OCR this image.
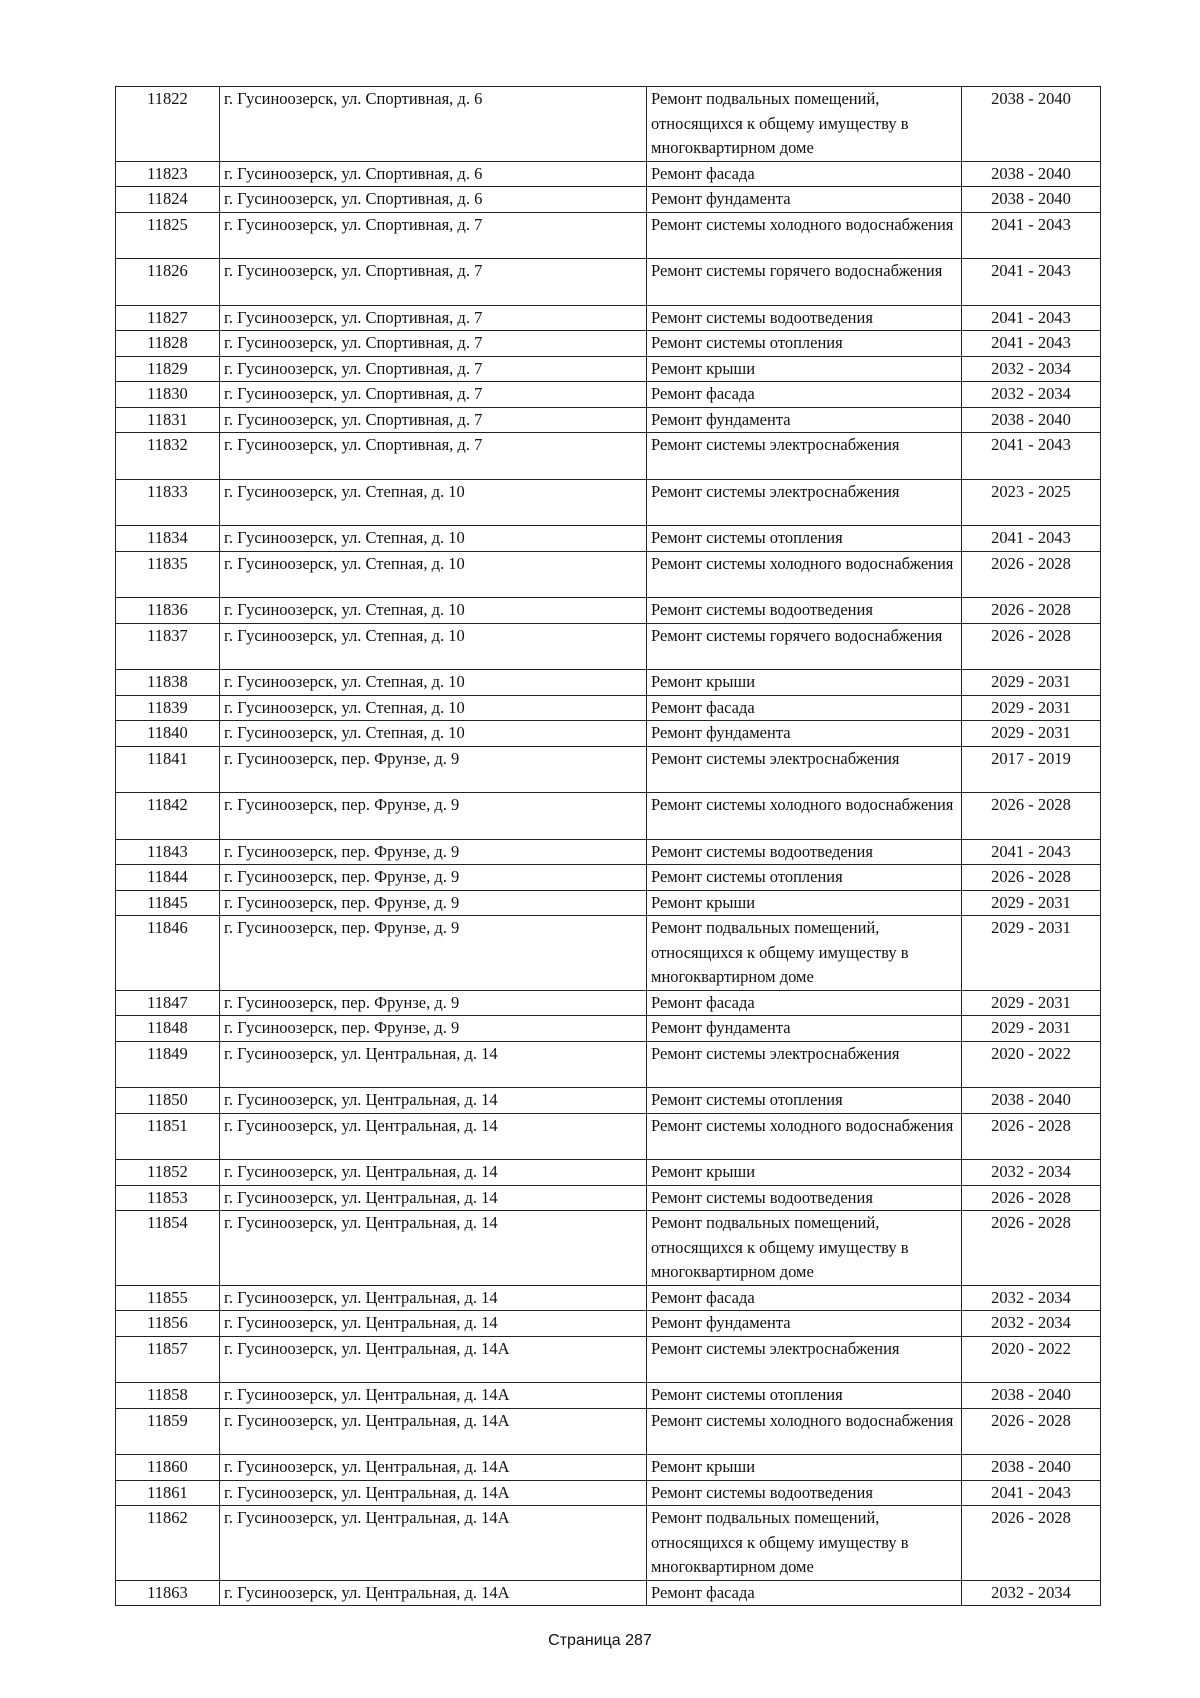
11822	г. Гусиноозерск, ул. Спортивная, д. 6	Ремонт подвальных помещений, относящихся к общему имуществу в многоквартирном доме	2038 - 2040
11823	г. Гусиноозерск, ул. Спортивная, д. 6	Ремонт фасада	2038 - 2040
11824	г. Гусиноозерск, ул. Спортивная, д. 6	Ремонт фундамента	2038 - 2040
11825	г. Гусиноозерск, ул. Спортивная, д. 7	Ремонт системы холодного водоснабжения	2041 - 2043
11826	г. Гусиноозерск, ул. Спортивная, д. 7	Ремонт системы горячего водоснабжения	2041 - 2043
11827	г. Гусиноозерск, ул. Спортивная, д. 7	Ремонт системы водоотведения	2041 - 2043
11828	г. Гусиноозерск, ул. Спортивная, д. 7	Ремонт системы отопления	2041 - 2043
11829	г. Гусиноозерск, ул. Спортивная, д. 7	Ремонт крыши	2032 - 2034
11830	г. Гусиноозерск, ул. Спортивная, д. 7	Ремонт фасада	2032 - 2034
11831	г. Гусиноозерск, ул. Спортивная, д. 7	Ремонт фундамента	2038 - 2040
11832	г. Гусиноозерск, ул. Спортивная, д. 7	Ремонт системы электроснабжения	2041 - 2043
11833	г. Гусиноозерск, ул. Степная, д. 10	Ремонт системы электроснабжения	2023 - 2025
11834	г. Гусиноозерск, ул. Степная, д. 10	Ремонт системы отопления	2041 - 2043
11835	г. Гусиноозерск, ул. Степная, д. 10	Ремонт системы холодного водоснабжения	2026 - 2028
11836	г. Гусиноозерск, ул. Степная, д. 10	Ремонт системы водоотведения	2026 - 2028
11837	г. Гусиноозерск, ул. Степная, д. 10	Ремонт системы горячего водоснабжения	2026 - 2028
11838	г. Гусиноозерск, ул. Степная, д. 10	Ремонт крыши	2029 - 2031
11839	г. Гусиноозерск, ул. Степная, д. 10	Ремонт фасада	2029 - 2031
11840	г. Гусиноозерск, ул. Степная, д. 10	Ремонт фундамента	2029 - 2031
11841	г. Гусиноозерск, пер. Фрунзе, д. 9	Ремонт системы электроснабжения	2017 - 2019
11842	г. Гусиноозерск, пер. Фрунзе, д. 9	Ремонт системы холодного водоснабжения	2026 - 2028
11843	г. Гусиноозерск, пер. Фрунзе, д. 9	Ремонт системы водоотведения	2041 - 2043
11844	г. Гусиноозерск, пер. Фрунзе, д. 9	Ремонт системы отопления	2026 - 2028
11845	г. Гусиноозерск, пер. Фрунзе, д. 9	Ремонт крыши	2029 - 2031
11846	г. Гусиноозерск, пер. Фрунзе, д. 9	Ремонт подвальных помещений, относящихся к общему имуществу в многоквартирном доме	2029 - 2031
11847	г. Гусиноозерск, пер. Фрунзе, д. 9	Ремонт фасада	2029 - 2031
11848	г. Гусиноозерск, пер. Фрунзе, д. 9	Ремонт фундамента	2029 - 2031
11849	г. Гусиноозерск, ул. Центральная, д. 14	Ремонт системы электроснабжения	2020 - 2022
11850	г. Гусиноозерск, ул. Центральная, д. 14	Ремонт системы отопления	2038 - 2040
11851	г. Гусиноозерск, ул. Центральная, д. 14	Ремонт системы холодного водоснабжения	2026 - 2028
11852	г. Гусиноозерск, ул. Центральная, д. 14	Ремонт крыши	2032 - 2034
11853	г. Гусиноозерск, ул. Центральная, д. 14	Ремонт системы водоотведения	2026 - 2028
11854	г. Гусиноозерск, ул. Центральная, д. 14	Ремонт подвальных помещений, относящихся к общему имуществу в многоквартирном доме	2026 - 2028
11855	г. Гусиноозерск, ул. Центральная, д. 14	Ремонт фасада	2032 - 2034
11856	г. Гусиноозерск, ул. Центральная, д. 14	Ремонт фундамента	2032 - 2034
11857	г. Гусиноозерск, ул. Центральная, д. 14А	Ремонт системы электроснабжения	2020 - 2022
11858	г. Гусиноозерск, ул. Центральная, д. 14А	Ремонт системы отопления	2038 - 2040
11859	г. Гусиноозерск, ул. Центральная, д. 14А	Ремонт системы холодного водоснабжения	2026 - 2028
11860	г. Гусиноозерск, ул. Центральная, д. 14А	Ремонт крыши	2038 - 2040
11861	г. Гусиноозерск, ул. Центральная, д. 14А	Ремонт системы водоотведения	2041 - 2043
11862	г. Гусиноозерск, ул. Центральная, д. 14А	Ремонт подвальных помещений, относящихся к общему имуществу в многоквартирном доме	2026 - 2028
11863	г. Гусиноозерск, ул. Центральная, д. 14А	Ремонт фасада	2032 - 2034
Страница 287
